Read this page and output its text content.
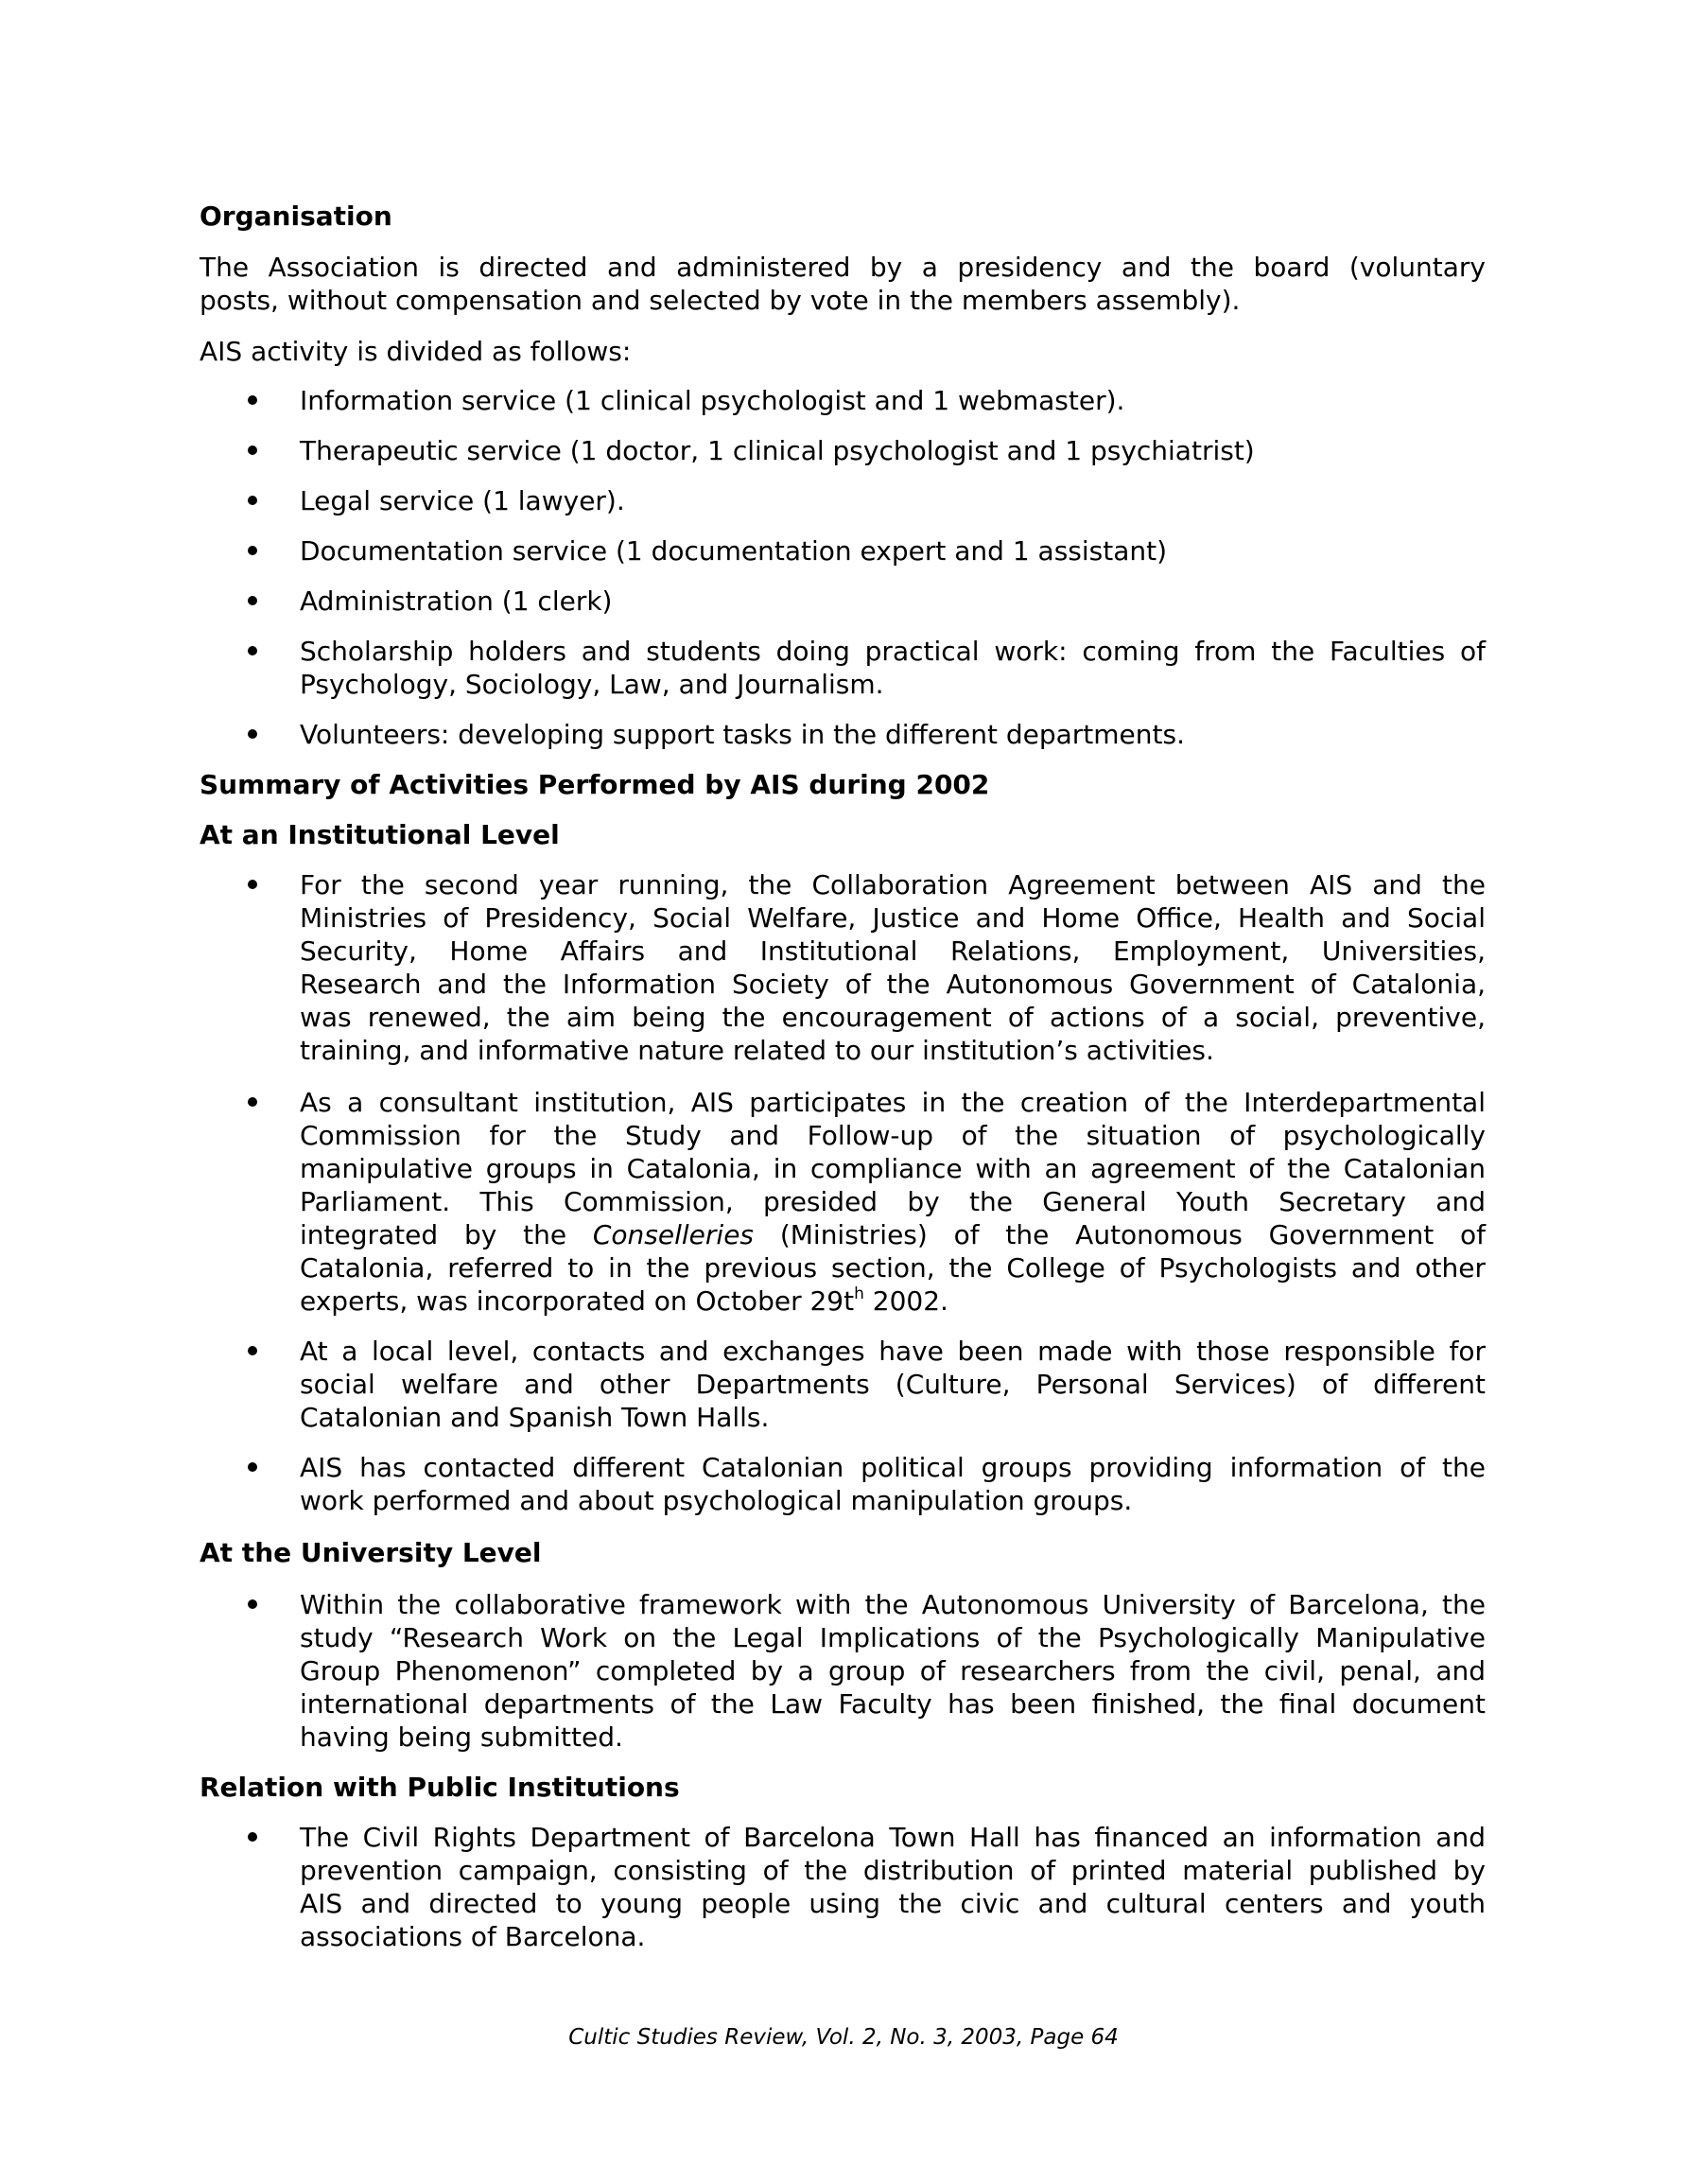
Organisation
The Association is directed and administered by a presidency and the board (voluntary
posts, without compensation and selected by vote in the members assembly).
AIS activity is divided as follows:
Information service (1 clinical psychologist and 1 webmaster).
Therapeutic service (1 doctor, 1 clinical psychologist and 1 psychiatrist)
Legal service (1 lawyer).
Documentation service (1 documentation expert and 1 assistant)
Administration (1 clerk)
Scholarship holders and students doing practical work: coming from the Faculties of
Psychology, Sociology, Law, and Journalism.
Volunteers: developing support tasks in the different departments.
Summary of Activities Performed by AIS during 2002
At an Institutional Level
For the second year running, the Collaboration Agreement between AIS and the
Ministries of Presidency, Social Welfare, Justice and Home Office, Health and Social
Security, Home Affairs and Institutional Relations, Employment, Universities,
Research and the Information Society of the Autonomous Government of Catalonia,
was renewed, the aim being the encouragement of actions of a social, preventive,
training, and informative nature related to our institution’s activities.
As a consultant institution, AIS participates in the creation of the Interdepartmental
Commission for the Study and Follow-up of the situation of psychologically
manipulative groups in Catalonia, in compliance with an agreement of the Catalonian
Parliament. This Commission, presided by the General Youth Secretary and
integrated by the Conselleries (Ministries) of the Autonomous Government of
Catalonia, referred to in the previous section, the College of Psychologists and other
experts, was incorporated on October $29t^h$ 2002.
At a local level, contacts and exchanges have been made with those responsible for
social welfare and other Departments (Culture, Personal Services) of different
Catalonian and Spanish Town Halls.
AIS has contacted different Catalonian political groups providing information of the
work performed and about psychological manipulation groups.
At the University Level
Within the collaborative framework with the Autonomous University of Barcelona, the
study “Research Work on the Legal Implications of the Psychologically Manipulative
Group Phenomenon” completed by a group of researchers from the civil, penal, and
international departments of the Law Faculty has been finished, the final document
having being submitted.
Relation with Public Institutions
The Civil Rights Department of Barcelona Town Hall has financed an information and
prevention campaign, consisting of the distribution of printed material published by
AIS and directed to young people using the civic and cultural centers and youth
associations of Barcelona.
Cultic Studies Review, Vol. 2, No. 3, 2003, Page 64
